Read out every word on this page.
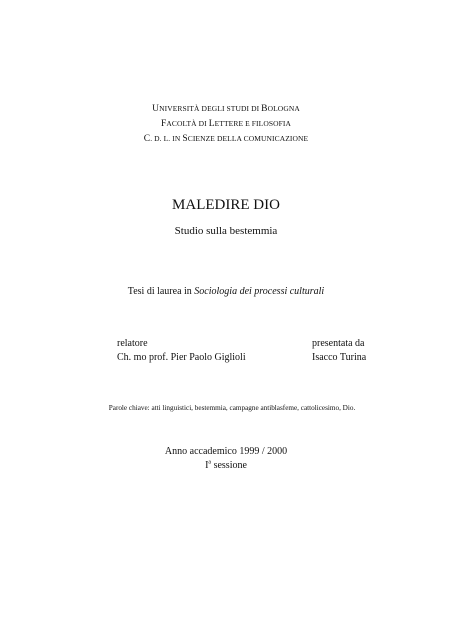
UNIVERSITÀ DEGLI STUDI DI BOLOGNA
FACOLTÀ DI LETTERE E FILOSOFIA
C. D. L. IN SCIENZE DELLA COMUNICAZIONE
MALEDIRE DIO
Studio sulla bestemmia
Tesi di laurea in Sociologia dei processi culturali
relatore
Ch. mo prof. Pier Paolo Giglioli
presentata da
Isacco Turina
Parole chiave: atti linguistici, bestemmia, campagne antiblasfeme, cattolicesimo, Dio.
Anno accademico 1999 / 2000
$I^a$ sessione
